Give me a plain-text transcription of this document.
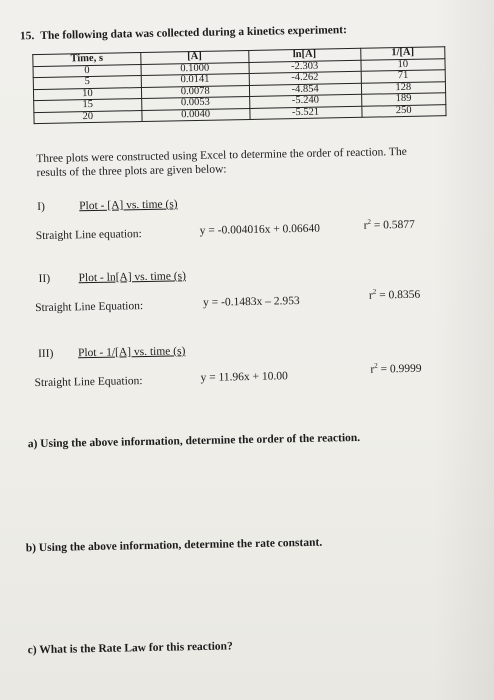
15. The following data was collected during a kinetics experiment:
Time, s	[A]	ln[A]	1/[A]
0	0.1000	-2.303	10
5	0.0141	-4.262	71
10	0.0078	-4.854	128
15	0.0053	-5.240	189
20	0.0040	-5.521	250
Three plots were constructed using Excel to determine the order of reaction. The
results of the three plots are given below:
I)	Plot - [A] vs. time (s)
Straight Line equation:	y = -0.004016x + 0.06640	$r^2 = 0.5877$
II) Plot - ln[A] vs. time (s)
Straight Line Equation:	y = -0.1483x – 2.953	$r^2 = 0.8356$
III) Plot - 1/[A] vs. time (s)
Straight Line Equation:	y = 11.96x + 10.00
$r^2 = 0.9999$
a) Using the above information, determine the order of the reaction.
b) Using the above information, determine the rate constant.
c) What is the Rate Law for this reaction?
